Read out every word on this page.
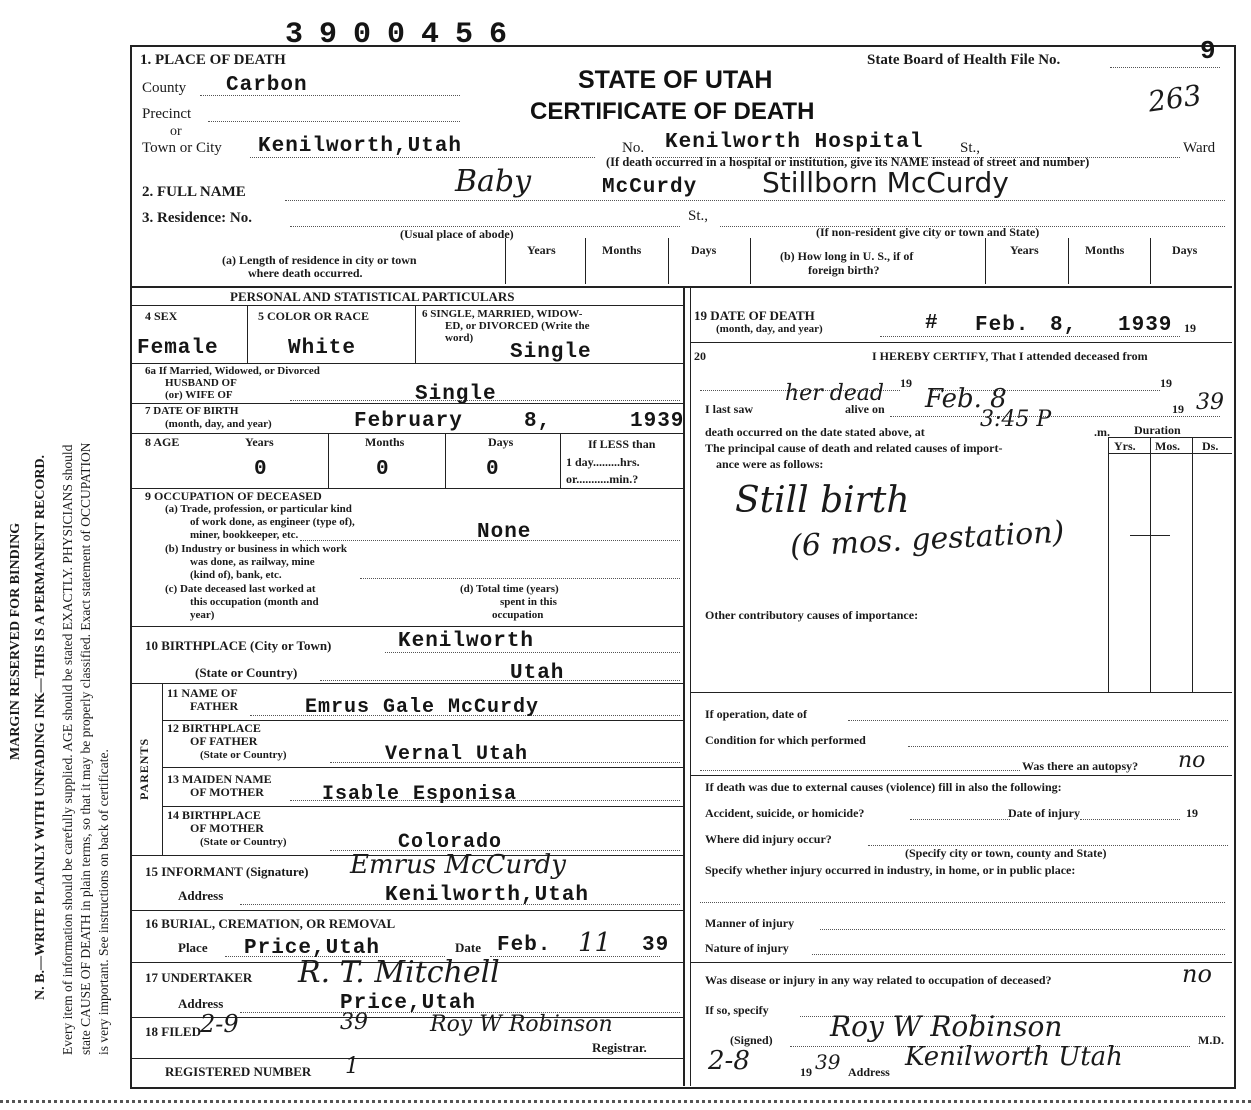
3900456
MARGIN RESERVED FOR BINDING N. B.—WRITE PLAINLY WITH UNFADING INK—THIS IS A PERMANENT RECORD. Every item of information should be carefully supplied. AGE should be stated EXACTLY. PHYSICIANS should state CAUSE OF DEATH in plain terms, so that it may be properly classified. Exact statement of OCCUPATION is very important. See instructions on back of certificate.
1. PLACE OF DEATH
STATE OF UTAH
CERTIFICATE OF DEATH
State Board of Health File No.	9
263
County Carbon
Precinct
or
Town or City Kenilworth,Utah	No. Kenilworth Hospital St.,	Ward
(If death occurred in a hospital or institution, give its NAME instead of street and number)
2. FULL NAME	Baby	McCurdy Stillborn McCurdy
3. Residence: No.	St.,
(Usual place of abode)	(If non-resident give city or town and State)
(a) Length of residence in city or town
where death occurred.
(b) How long in U. S., if of
foreign birth?
Years	Months	Days	Years	Months	Days
PERSONAL AND STATISTICAL PARTICULARS
4 SEX
Female
5 COLOR OR RACE
White
6 SINGLE, MARRIED, WIDOW-
ED, or DIVORCED (Write the
word)
Single
6a If Married, Widowed, or Divorced
HUSBAND OF
(or) WIFE OF	Single
7 DATE OF BIRTH
(month, day, and year)	February	8,	1939
8 AGE	Years	Months	Days
0	0	0
If LESS than
1 day.........hrs.
or...........min.?
9 OCCUPATION OF DECEASED
(a) Trade, profession, or particular kind
of work done, as engineer (type of),
miner, bookkeeper, etc.	None
(b) Industry or business in which work
was done, as railway, mine
(kind of), bank, etc.
(c) Date deceased last worked at
this occupation (month and
year)
(d) Total time (years)
spent in this
occupation
10 BIRTHPLACE (City or Town)	Kenilworth
(State or Country)	Utah
PARENTS
11 NAME OF
FATHER	Emrus Gale McCurdy
12 BIRTHPLACE
OF FATHER
(State or Country)	Vernal Utah
13 MAIDEN NAME
OF MOTHER	Isable Esponisa
14 BIRTHPLACE
OF MOTHER
(State or Country)	Colorado
15 INFORMANT (Signature) Emrus McCurdy
Address	Kenilworth,Utah
16 BURIAL, CREMATION, OR REMOVAL
Place Price,Utah	Date Feb. 11 39
17 UNDERTAKER R. T. Mitchell
Address	Price,Utah
18 FILED 2-9	39	Roy W Robinson
Registrar.
REGISTERED NUMBER 1
19 DATE OF DEATH
(month, day, and year)	# Feb. 8, 1939 19
20	I HEREBY CERTIFY, That I attended deceased from
19	19
I last saw
her dead
alive on Feb. 8	19 39
death occurred on the date stated above, at	3:45 P	.m. Duration
The principal cause of death and related causes of import-
ance were as follows:
Yrs. Mos. Ds.
Still birth
(6 mos. gestation)
Other contributory causes of importance:
If operation, date of
Condition for which performed
Was there an autopsy? no
If death was due to external causes (violence) fill in also the following:
Accident, suicide, or homicide?	Date of injury	19
Where did injury occur?
(Specify city or town, county and State)
Specify whether injury occurred in industry, in home, or in public place:
Manner of injury
Nature of injury
Was disease or injury in any way related to occupation of deceased?	no
If so, specify
(Signed) Roy W Robinson	M.D.
2-8	19 39 Address Kenilworth Utah
